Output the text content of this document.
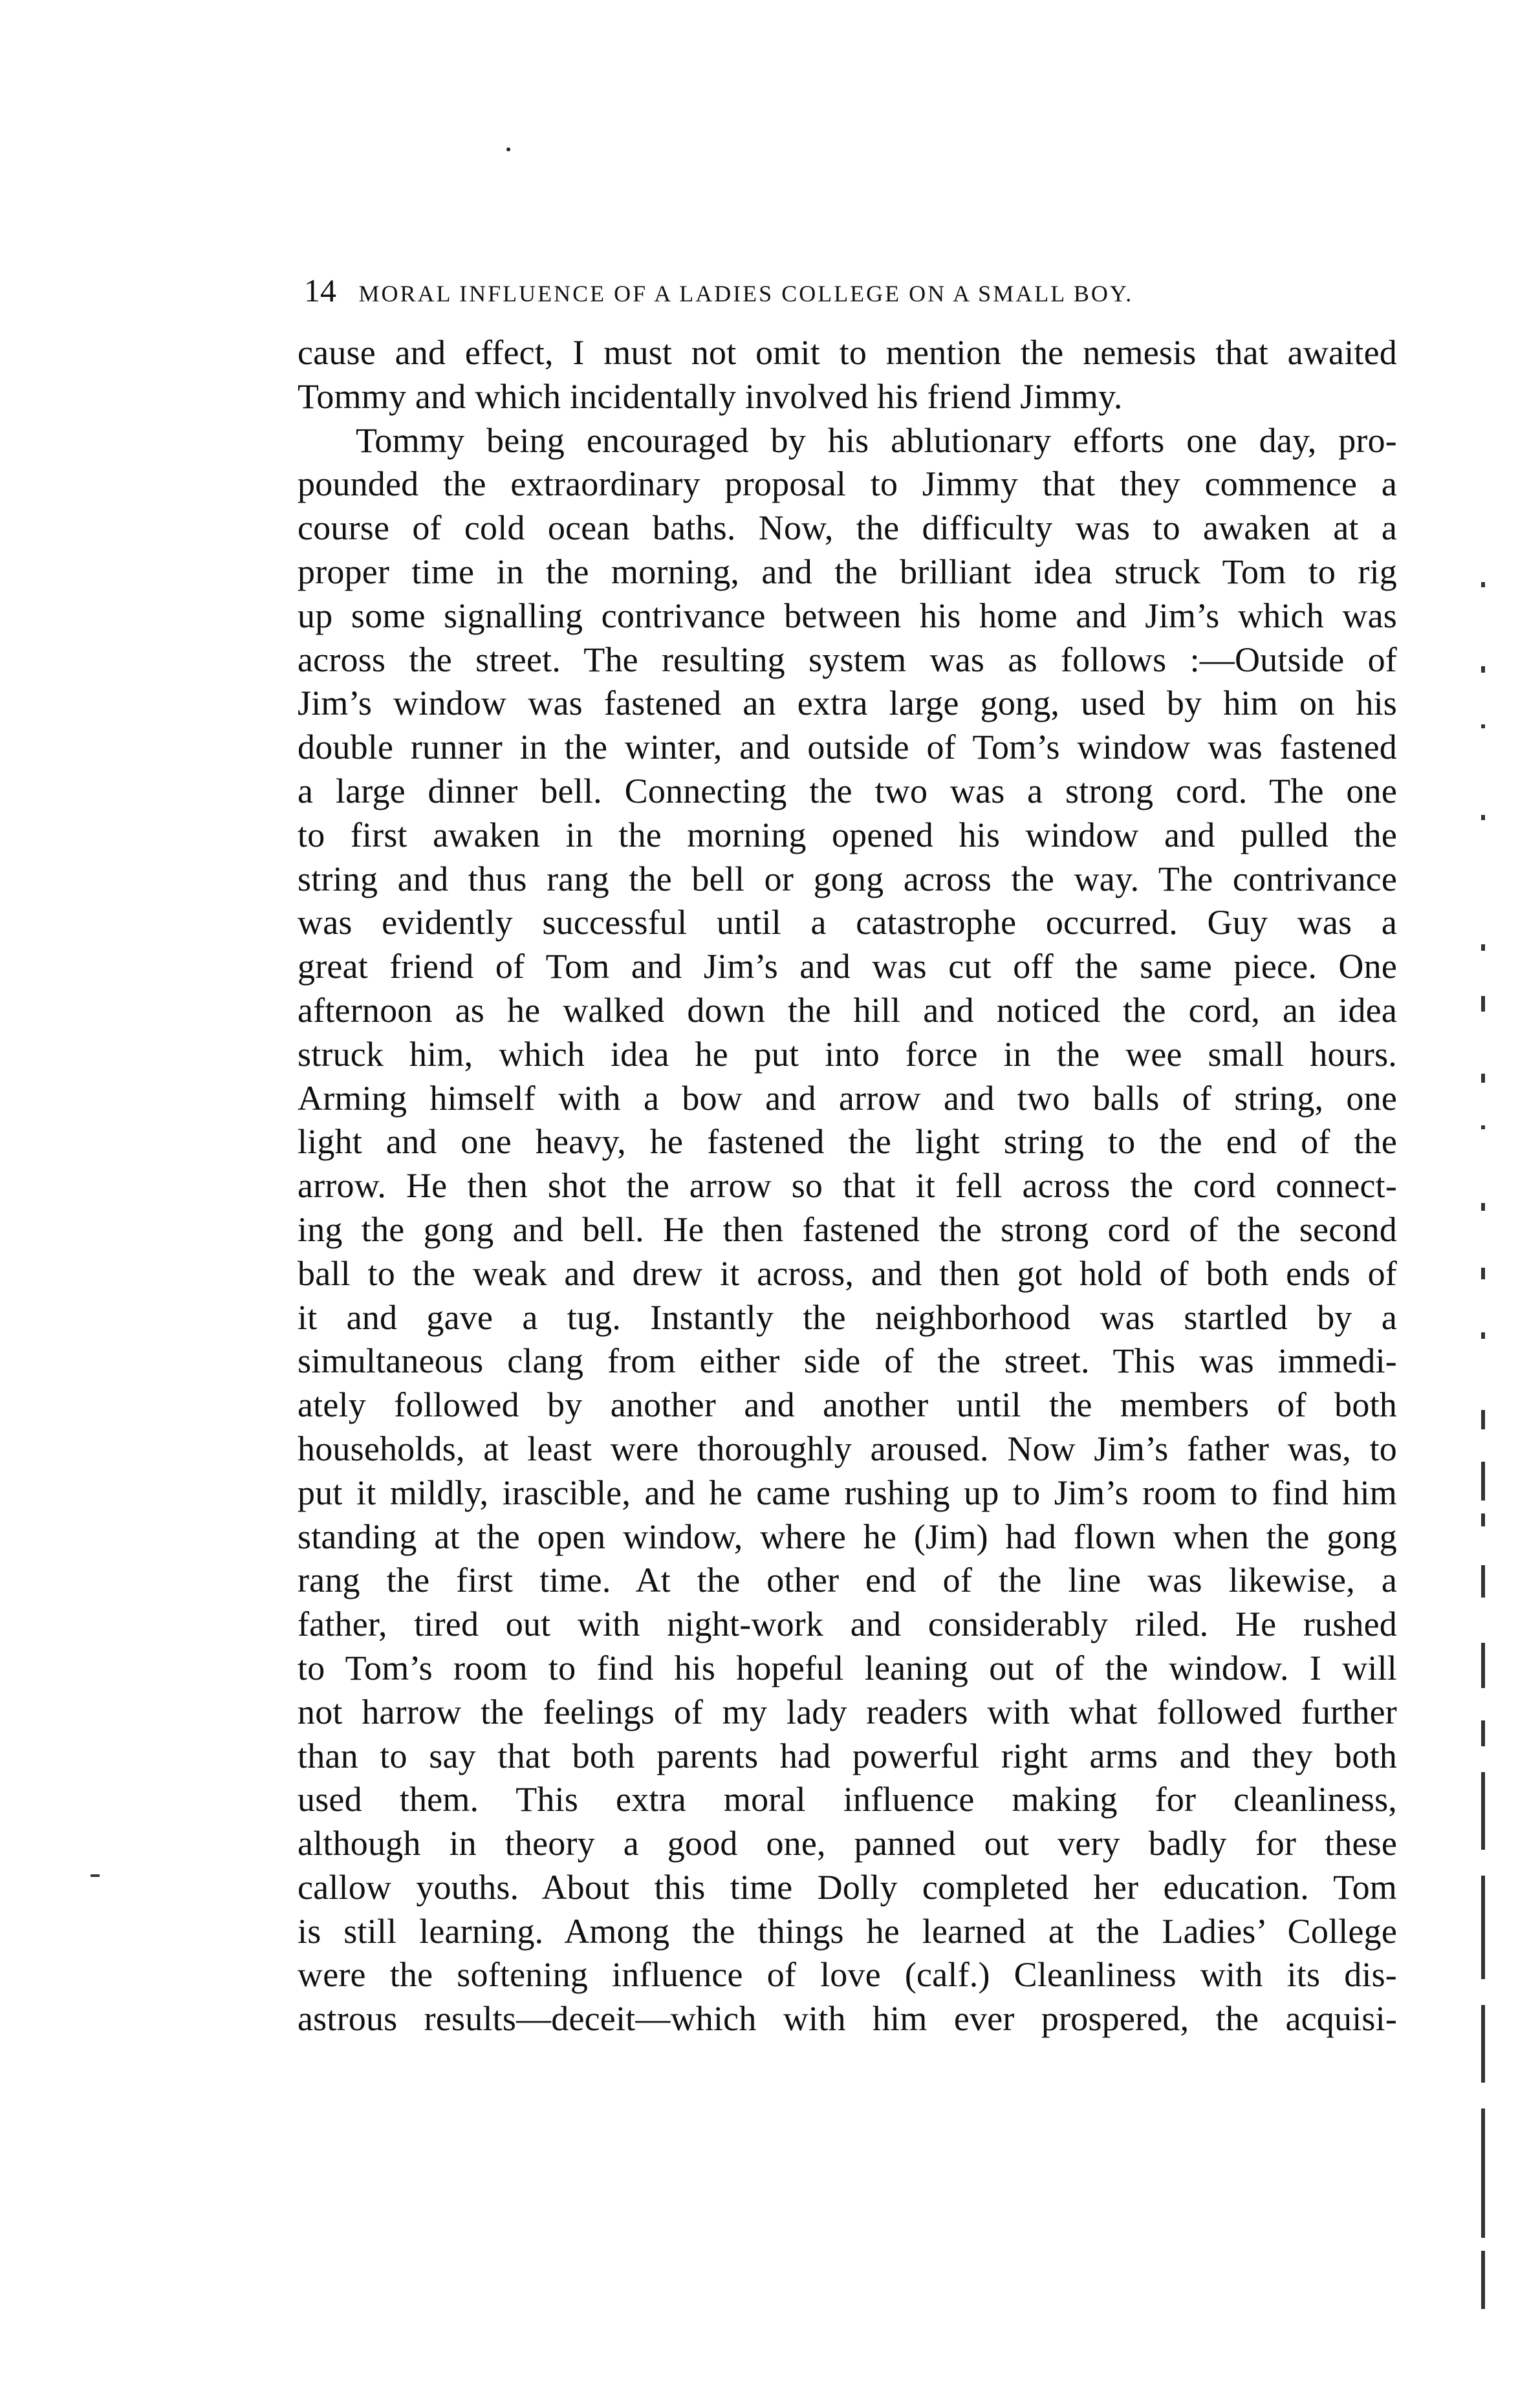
14 MORAL INFLUENCE OF A LADIES COLLEGE ON A SMALL BOY.
cause and effect, I must not omit to mention the nemesis that awaited
Tommy and which incidentally involved his friend Jimmy.
Tommy being encouraged by his ablutionary efforts one day, pro-
pounded the extraordinary proposal to Jimmy that they commence a
course of cold ocean baths. Now, the difficulty was to awaken at a
proper time in the morning, and the brilliant idea struck Tom to rig
up some signalling contrivance between his home and Jim’s which was
across the street. The resulting system was as follows :—Outside of
Jim’s window was fastened an extra large gong, used by him on his
double runner in the winter, and outside of Tom’s window was fastened
a large dinner bell. Connecting the two was a strong cord. The one
to first awaken in the morning opened his window and pulled the
string and thus rang the bell or gong across the way. The contrivance
was evidently successful until a catastrophe occurred. Guy was a
great friend of Tom and Jim’s and was cut off the same piece. One
afternoon as he walked down the hill and noticed the cord, an idea
struck him, which idea he put into force in the wee small hours.
Arming himself with a bow and arrow and two balls of string, one
light and one heavy, he fastened the light string to the end of the
arrow. He then shot the arrow so that it fell across the cord connect-
ing the gong and bell. He then fastened the strong cord of the second
ball to the weak and drew it across, and then got hold of both ends of
it and gave a tug. Instantly the neighborhood was startled by a
simultaneous clang from either side of the street. This was immedi-
ately followed by another and another until the members of both
households, at least were thoroughly aroused. Now Jim’s father was, to
put it mildly, irascible, and he came rushing up to Jim’s room to find him
standing at the open window, where he (Jim) had flown when the gong
rang the first time. At the other end of the line was likewise, a
father, tired out with night-work and considerably riled. He rushed
to Tom’s room to find his hopeful leaning out of the window. I will
not harrow the feelings of my lady readers with what followed further
than to say that both parents had powerful right arms and they both
used them. This extra moral influence making for cleanliness,
although in theory a good one, panned out very badly for these
callow youths. About this time Dolly completed her education. Tom
is still learning. Among the things he learned at the Ladies’ College
were the softening influence of love (calf.) Cleanliness with its dis-
astrous results—deceit—which with him ever prospered, the acquisi-
